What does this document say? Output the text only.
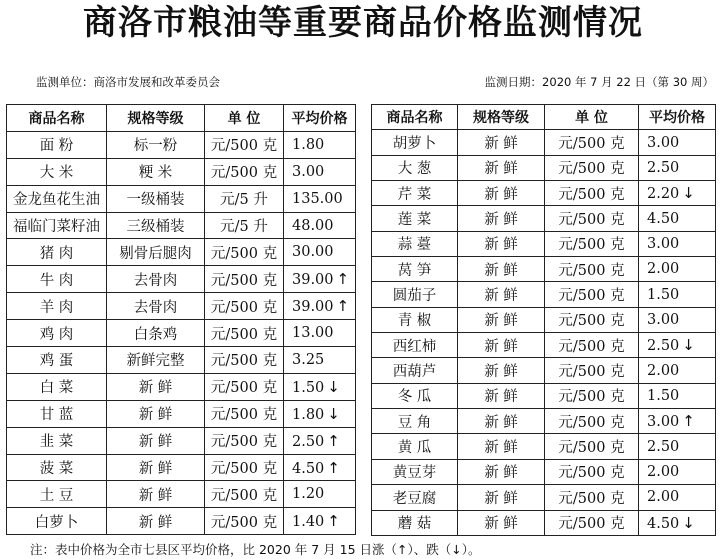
商洛市粮油等重要商品价格监测情况
监测单位：商洛市发展和改革委员会	监测日期：2020 年 7 月 22 日（第 30 周）
商品名称	规格等级	单 位	平均价格
面 粉	标一粉	元/500 克	1.80
大 米	粳 米	元/500 克	3.00
金龙鱼花生油	一级桶装	元/5 升	135.00
福临门菜籽油	三级桶装	元/5 升	48.00
猪 肉	剔骨后腿肉	元/500 克	30.00
牛 肉	去骨肉	元/500 克	39.00 ↑
羊 肉	去骨肉	元/500 克	39.00 ↑
鸡 肉	白条鸡	元/500 克	13.00
鸡 蛋	新鲜完整	元/500 克	3.25
白 菜	新 鲜	元/500 克	1.50 ↓
甘 蓝	新 鲜	元/500 克	1.80 ↓
韭 菜	新 鲜	元/500 克	2.50 ↑
菠 菜	新 鲜	元/500 克	4.50 ↑
土 豆	新 鲜	元/500 克	1.20
白萝卜	新 鲜	元/500 克	1.40 ↑
商品名称	规格等级	单 位	平均价格
胡萝卜	新 鲜	元/500 克	3.00
大 葱	新 鲜	元/500 克	2.50
芹 菜	新 鲜	元/500 克	2.20 ↓
莲 菜	新 鲜	元/500 克	4.50
蒜 薹	新 鲜	元/500 克	3.00
莴 笋	新 鲜	元/500 克	2.00
圆茄子	新 鲜	元/500 克	1.50
青 椒	新 鲜	元/500 克	3.00
西红柿	新 鲜	元/500 克	2.50 ↓
西葫芦	新 鲜	元/500 克	2.00
冬 瓜	新 鲜	元/500 克	1.50
豆 角	新 鲜	元/500 克	3.00 ↑
黄 瓜	新 鲜	元/500 克	2.50
黄豆芽	新 鲜	元/500 克	2.00
老豆腐	新 鲜	元/500 克	2.00
蘑 菇	新 鲜	元/500 克	4.50 ↓
注：表中价格为全市七县区平均价格，比 2020 年 7 月 15 日涨（↑）、跌（↓）。
